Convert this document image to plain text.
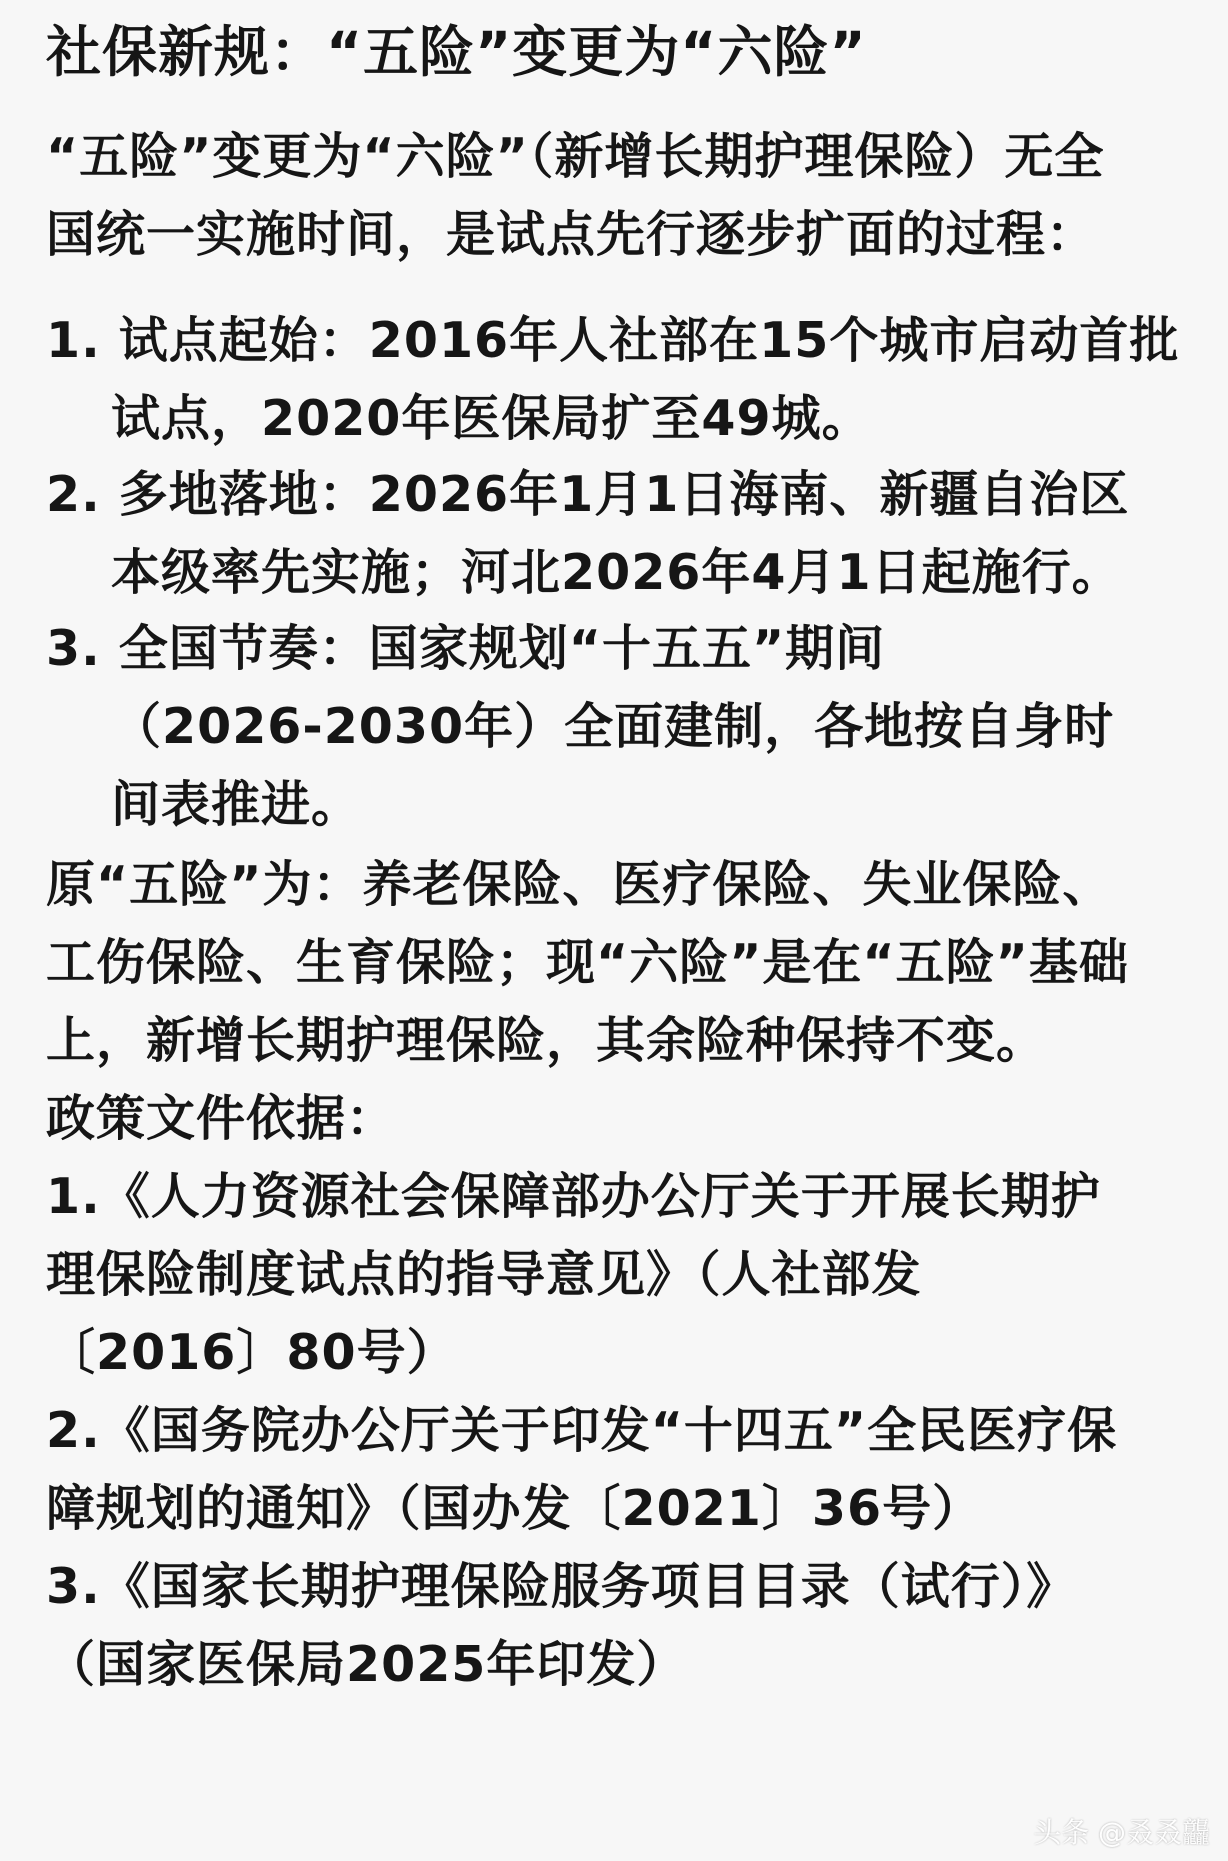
社保新规：“五险”变更为“六险”
“五险”变更为“六险”（新增长期护理保险）无全
国统一实施时间，是试点先行逐步扩面的过程：
1. 试点起始：2016年人社部在15个城市启动首批
试点，2020年医保局扩至49城。
2. 多地落地：2026年1月1日海南、新疆自治区
本级率先实施；河北2026年4月1日起施行。
3. 全国节奏：国家规划“十五五”期间
（2026-2030年）全面建制，各地按自身时
间表推进。
原“五险”为：养老保险、医疗保险、失业保险、
工伤保险、生育保险；现“六险”是在“五险”基础
上，新增长期护理保险，其余险种保持不变。
政策文件依据：
1.《人力资源社会保障部办公厅关于开展长期护
理保险制度试点的指导意见》（人社部发
〔2016〕80号）
2.《国务院办公厅关于印发“十四五”全民医疗保
障规划的通知》（国办发〔2021〕36号）
3.《国家长期护理保险服务项目目录（试行）》
（国家医保局2025年印发）
头条 @叒叒龘
